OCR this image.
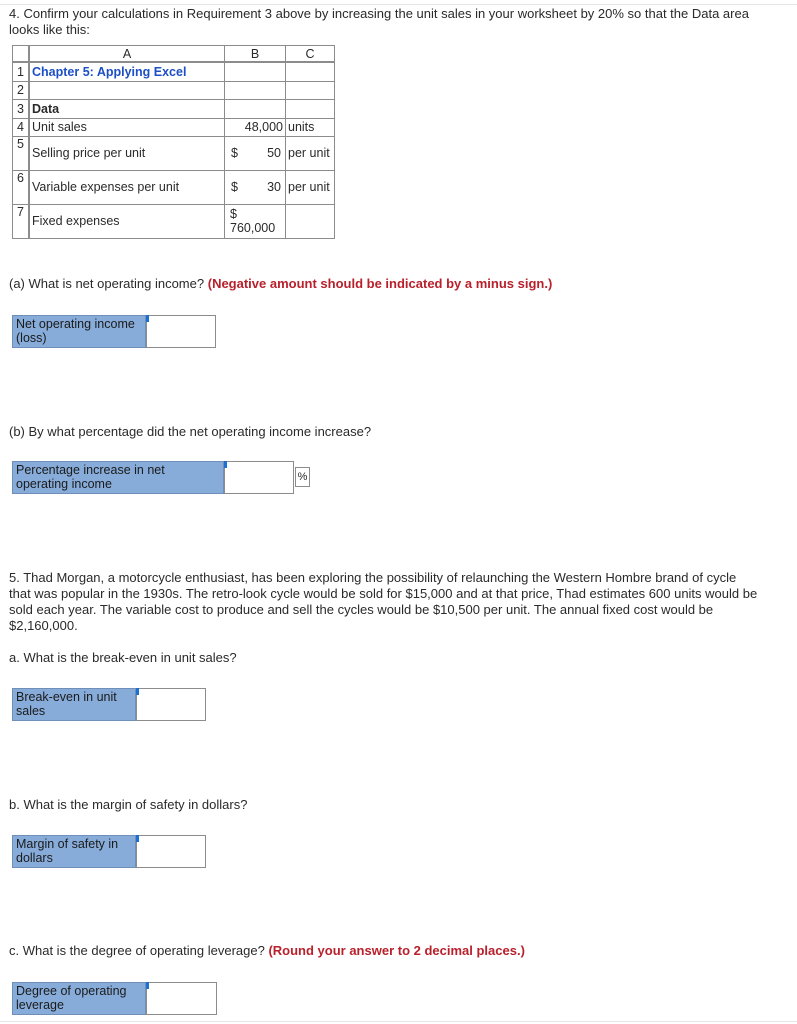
4. Confirm your calculations in Requirement 3 above by increasing the unit sales in your worksheet by 20% so that the Data area looks like this:
	A	B	C
1	Chapter 5: Applying Excel		
2			
3	Data		
4	Unit sales	48,000	units
5	Selling price per unit	$ 50	per unit
6	Variable expenses per unit	$ 30	per unit
7	Fixed expenses	$
760,000	

(a) What is net operating income? (Negative amount should be indicated by a minus sign.)
Net operating income (loss)
(b) By what percentage did the net operating income increase?
Percentage increase in net operating income	%
5. Thad Morgan, a motorcycle enthusiast, has been exploring the possibility of relaunching the Western Hombre brand of cycle that was popular in the 1930s. The retro-look cycle would be sold for $15,000 and at that price, Thad estimates 600 units would be sold each year. The variable cost to produce and sell the cycles would be $10,500 per unit. The annual fixed cost would be $2,160,000.
a. What is the break-even in unit sales?
Break-even in unit sales
b. What is the margin of safety in dollars?
Margin of safety in dollars
c. What is the degree of operating leverage? (Round your answer to 2 decimal places.)
Degree of operating leverage
